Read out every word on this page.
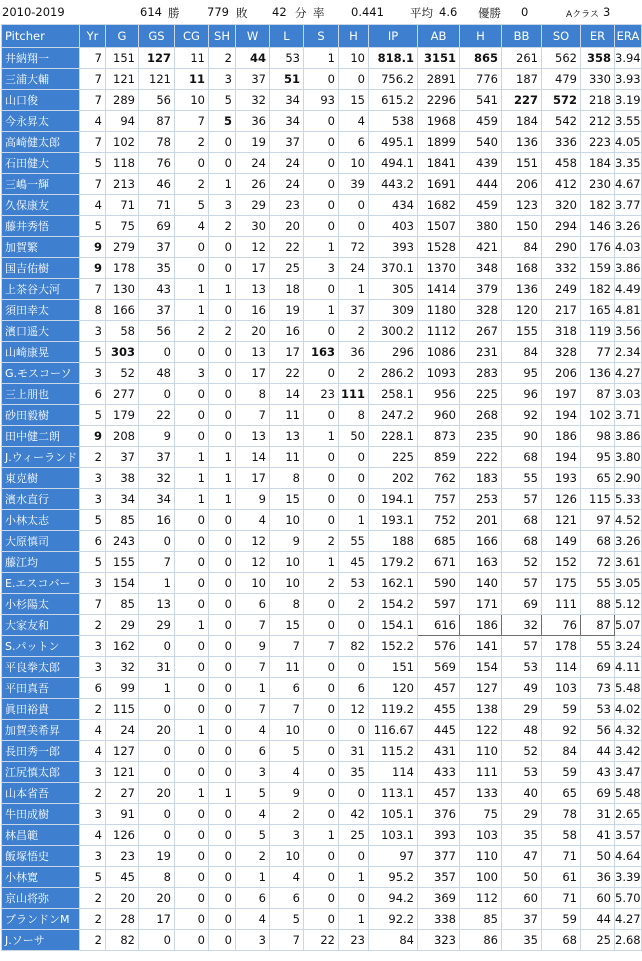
2010-2019	614 勝 779 敗 42 分 率 0.441 平均 4.6 優勝 0	Aクラス 3
Pitcher	Yr	G	GS	CG	SH	W	L	S	H	IP	AB	H	BB	SO	ER	ERA
井納翔一	7	151	127	11	2	44	53	1	10	818.1	3151	865	261	562	358	3.94
三浦大輔	7	121	121	11	3	37	51	0	0	756.2	2891	776	187	479	330	3.93
山口俊	7	289	56	10	5	32	34	93	15	615.2	2296	541	227	572	218	3.19
今永昇太	4	94	87	7	5	36	34	0	4	538	1968	459	184	542	212	3.55
高崎健太郎	7	102	78	2	0	19	37	0	6	495.1	1899	540	136	336	223	4.05
石田健大	5	118	76	0	0	24	24	0	10	494.1	1841	439	151	458	184	3.35
三嶋一輝	7	213	46	2	1	26	24	0	39	443.2	1691	444	206	412	230	4.67
久保康友	4	71	71	5	3	29	23	0	0	434	1682	459	123	320	182	3.77
藤井秀悟	5	75	69	4	2	30	20	0	0	403	1507	380	150	294	146	3.26
加賀繁	9	279	37	0	0	12	22	1	72	393	1528	421	84	290	176	4.03
国吉佑樹	9	178	35	0	0	17	25	3	24	370.1	1370	348	168	332	159	3.86
上茶谷大河	7	130	43	1	1	13	18	0	1	305	1414	379	136	249	182	4.49
須田幸太	8	166	37	1	0	16	19	1	37	309	1180	328	120	217	165	4.81
濱口遥大	3	58	56	2	2	20	16	0	2	300.2	1112	267	155	318	119	3.56
山崎康晃	5	303	0	0	0	13	17	163	36	296	1086	231	84	328	77	2.34
G.モスコーソ	3	52	48	3	0	17	22	0	2	286.2	1093	283	95	206	136	4.27
三上朋也	6	277	0	0	0	8	14	23	111	258.1	956	225	96	197	87	3.03
砂田毅樹	5	179	22	0	0	7	11	0	8	247.2	960	268	92	194	102	3.71
田中健二朗	9	208	9	0	0	13	13	1	50	228.1	873	235	90	186	98	3.86
J.ウィーランド	2	37	37	1	1	14	11	0	0	225	859	222	68	194	95	3.80
東克樹	3	38	32	1	1	17	8	0	0	202	762	183	55	193	65	2.90
濱水直行	3	34	34	1	1	9	15	0	0	194.1	757	253	57	126	115	5.33
小林太志	5	85	16	0	0	4	10	0	1	193.1	752	201	68	121	97	4.52
大原慎司	6	243	0	0	0	12	9	2	55	188	685	166	68	149	68	3.26
藤江均	5	155	7	0	0	12	10	1	45	179.2	671	163	52	152	72	3.61
E.エスコバー	3	154	1	0	0	10	10	2	53	162.1	590	140	57	175	55	3.05
小杉陽太	7	85	13	0	0	6	8	0	2	154.2	597	171	69	111	88	5.12
大家友和	2	29	29	1	0	7	15	0	0	154.1	616	186	32	76	87	5.07
S.パットン	3	162	0	0	0	9	7	7	82	152.2	576	141	57	178	55	3.24
平良拳太郎	3	32	31	0	0	7	11	0	0	151	569	154	53	114	69	4.11
平田真吾	6	99	1	0	0	1	6	0	6	120	457	127	49	103	73	5.48
眞田裕貴	2	115	0	0	0	7	7	0	12	119.2	455	138	29	59	53	4.02
加賀美希昇	4	24	20	1	0	4	10	0	0	116.67	445	122	48	92	56	4.32
長田秀一郎	4	127	0	0	0	6	5	0	31	115.2	431	110	52	84	44	3.42
江尻慎太郎	3	121	0	0	0	3	4	0	35	114	433	111	53	59	43	3.47
山本省吾	2	27	20	1	1	5	9	0	0	113.1	457	133	40	65	69	5.48
牛田成樹	3	91	0	0	0	4	2	0	42	105.1	376	75	29	78	31	2.65
林昌範	4	126	0	0	0	5	3	1	25	103.1	393	103	35	58	41	3.57
飯塚悟史	3	23	19	0	0	2	10	0	0	97	377	110	47	71	50	4.64
小林寛	5	45	8	0	0	1	4	0	1	95.2	357	100	50	61	36	3.39
京山将弥	2	20	20	0	0	6	6	0	0	94.2	369	112	60	71	60	5.70
ブランドンM	2	28	17	0	0	4	5	0	1	92.2	338	85	37	59	44	4.27
J.ソーサ	2	82	0	0	0	3	7	22	23	84	323	86	35	68	25	2.68
